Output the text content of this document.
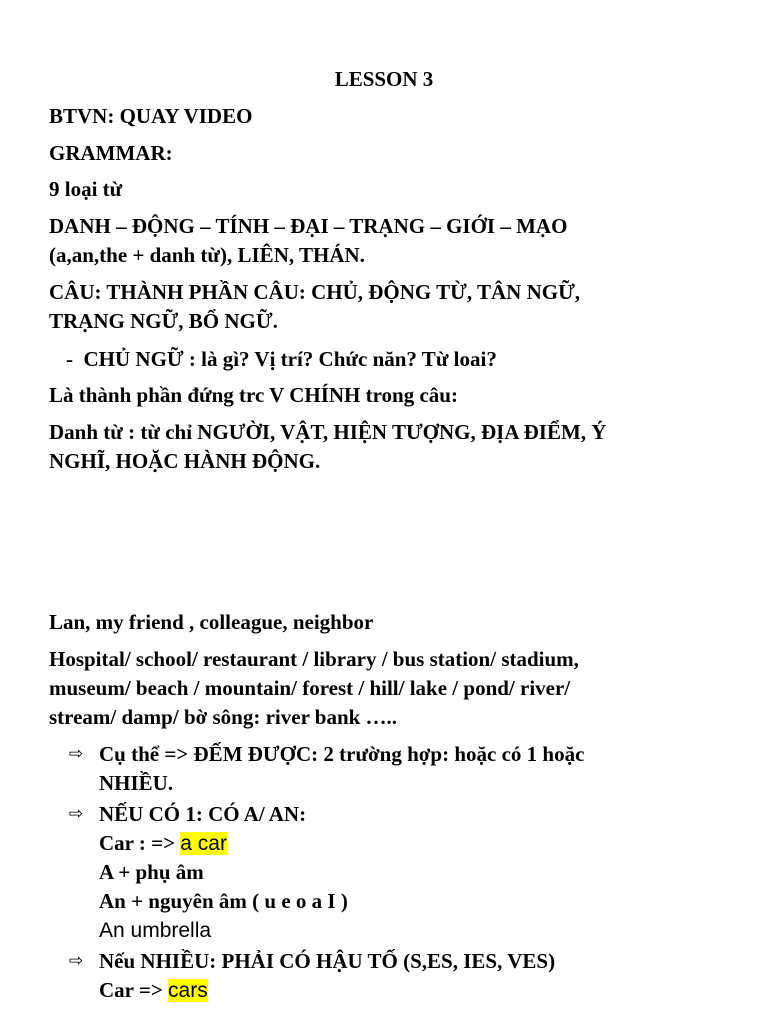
LESSON 3
BTVN: QUAY VIDEO
GRAMMAR:
9 loại từ
DANH – ĐỘNG – TÍNH – ĐẠI – TRẠNG – GIỚI – MẠO
(a,an,the + danh từ), LIÊN, THÁN.
CÂU: THÀNH PHẦN CÂU: CHỦ, ĐỘNG TỪ, TÂN NGỮ,
TRẠNG NGỮ, BỔ NGỮ.
- CHỦ NGỮ : là gì? Vị trí? Chức năn? Từ loai?
Là thành phần đứng trc V CHÍNH trong câu:
Danh từ : từ chỉ NGƯỜI, VẬT, HIỆN TƯỢNG, ĐỊA ĐIỂM, Ý
NGHĨ, HOẶC HÀNH ĐỘNG.
Lan, my friend , colleague, neighbor
Hospital/ school/ restaurant / library / bus station/ stadium,
museum/ beach / mountain/ forest / hill/ lake / pond/ river/
stream/ damp/ bờ sông: river bank …..
⇨ Cụ thể => ĐẾM ĐƯỢC: 2 trường hợp: hoặc có 1 hoặc
NHIỀU.
⇨ NẾU CÓ 1: CÓ A/ AN:
Car : => a car
A + phụ âm
An + nguyên âm ( u e o a I )
An umbrella
⇨ Nếu NHIỀU: PHẢI CÓ HẬU TỐ (S,ES, IES, VES)
Car => cars
